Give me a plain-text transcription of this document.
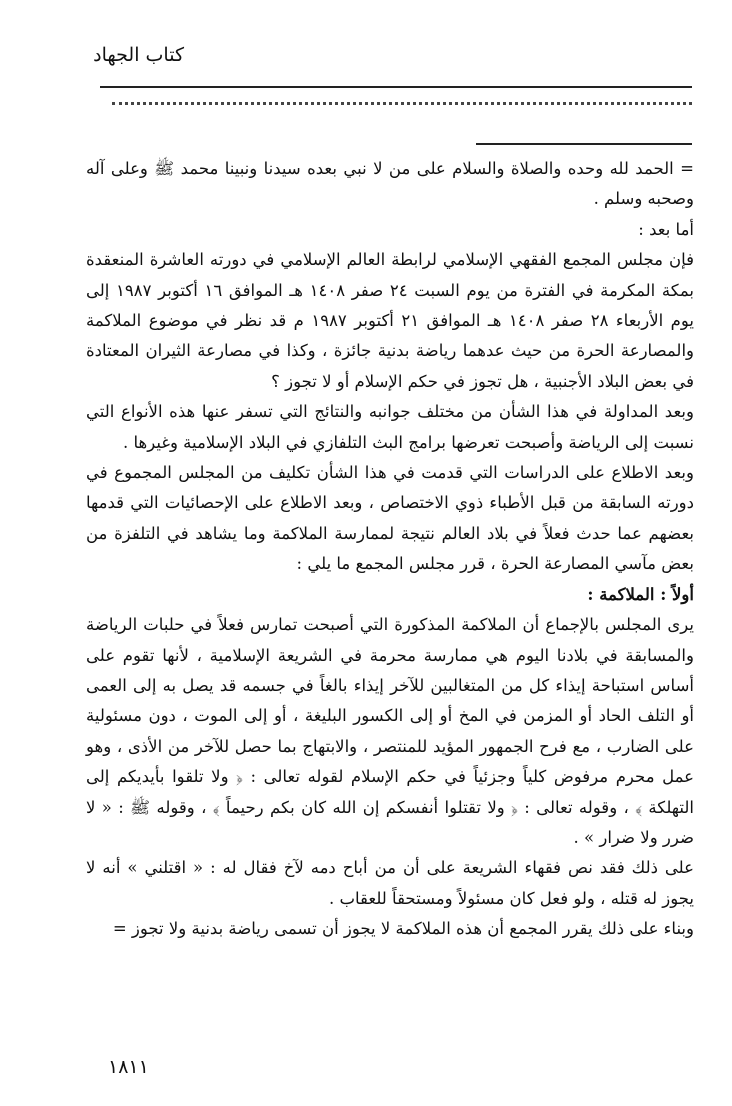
كتاب الجهاد

= الحمد لله وحده والصلاة والسلام على من لا نبي بعده سيدنا ونبينا محمد ﷺ وعلى آله وصحبه وسلم .

أما بعد :

فإن مجلس المجمع الفقهي الإسلامي لرابطة العالم الإسلامي في دورته العاشرة المنعقدة بمكة المكرمة في الفترة من يوم السبت ٢٤ صفر ١٤٠٨ هـ الموافق ١٦ أكتوبر ١٩٨٧ إلى يوم الأربعاء ٢٨ صفر ١٤٠٨ هـ الموافق ٢١ أكتوبر ١٩٨٧ م قد نظر في موضوع الملاكمة والمصارعة الحرة من حيث عدهما رياضة بدنية جائزة ، وكذا في مصارعة الثيران المعتادة في بعض البلاد الأجنبية ، هل تجوز في حكم الإسلام أو لا تجوز ؟

وبعد المداولة في هذا الشأن من مختلف جوانبه والنتائج التي تسفر عنها هذه الأنواع التي نسبت إلى الرياضة وأصبحت تعرضها برامج البث التلفازي في البلاد الإسلامية وغيرها .

وبعد الاطلاع على الدراسات التي قدمت في هذا الشأن تكليف من المجلس المجموع في دورته السابقة من قبل الأطباء ذوي الاختصاص ، وبعد الاطلاع على الإحصائيات التي قدمها بعضهم عما حدث فعلاً في بلاد العالم نتيجة لممارسة الملاكمة وما يشاهد في التلفزة من بعض مآسي المصارعة الحرة ، قرر مجلس المجمع ما يلي :

أولاً : الملاكمة :

يرى المجلس بالإجماع أن الملاكمة المذكورة التي أصبحت تمارس فعلاً في حلبات الرياضة والمسابقة في بلادنا اليوم هي ممارسة محرمة في الشريعة الإسلامية ، لأنها تقوم على أساس استباحة إيذاء كل من المتغالبين للآخر إيذاء بالغاً في جسمه قد يصل به إلى العمى أو التلف الحاد أو المزمن في المخ أو إلى الكسور البليغة ، أو إلى الموت ، دون مسئولية على الضارب ، مع فرح الجمهور المؤيد للمنتصر ، والابتهاج بما حصل للآخر من الأذى ، وهو عمل محرم مرفوض كلياً وجزئياً في حكم الإسلام لقوله تعالى : ﴿ ولا تلقوا بأيديكم إلى التهلكة ﴾ ، وقوله تعالى : ﴿ ولا تقتلوا أنفسكم إن الله كان بكم رحيماً ﴾ ، وقوله ﷺ : « لا ضرر ولا ضرار » .

على ذلك فقد نص فقهاء الشريعة على أن من أباح دمه لآخ فقال له : « اقتلني » أنه لا يجوز له قتله ، ولو فعل كان مسئولاً ومستحقاً للعقاب .

وبناء على ذلك يقرر المجمع أن هذه الملاكمة لا يجوز أن تسمى رياضة بدنية ولا تجوز =

١٨١١
